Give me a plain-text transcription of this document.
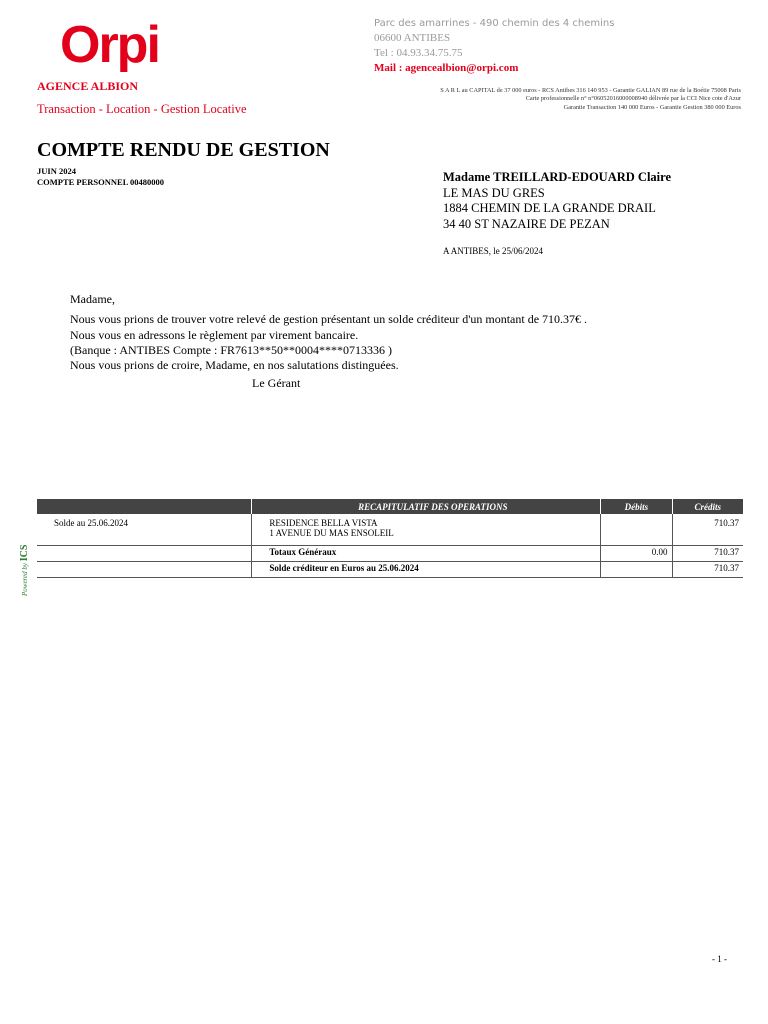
Orpi
AGENCE ALBION
Transaction - Location - Gestion Locative
Parc des amarrines - 490 chemin des 4 chemins
06600 ANTIBES
Tel : 04.93.34.75.75
Mail : agencealbion@orpi.com
S A R L au CAPITAL de 37 000 euros - RCS Antibes 316 140 953 - Garantie GALIAN 89 rue de la Boétie 75008 Paris
Carte professionnelle n° n°060520160000089​40 délivrée par la CCI Nice cote d'Azur
Garantie Transaction 140 000 Euros - Garantie Gestion 380 000 Euros
COMPTE RENDU DE GESTION
JUIN 2024
COMPTE PERSONNEL 00480000	Madame TREILLARD-EDOUARD Claire
LE MAS DU GRES
1884 CHEMIN DE LA GRANDE DRAIL
34 40 ST NAZAIRE DE PEZAN
A ANTIBES, le 25/06/2024
Madame,
Nous vous prions de trouver votre relevé de gestion présentant un solde créditeur d'un montant de 710.37€ .
Nous vous en adressons le règlement par virement bancaire.
(Banque : ANTIBES Compte : FR7613**50**0004****0713336 )
Nous vous prions de croire, Madame, en nos salutations distinguées.
Le Gérant
Powered by ICS
	RECAPITULATIF DES OPERATIONS	Débits	Crédits
Solde au 25.06.2024	RESIDENCE BELLA VISTA
1 AVENUE DU MAS ENSOLEIL		710.37
	Totaux Généraux	0.00	710.37
	Solde créditeur en Euros au 25.06.2024		710.37
- 1 -
